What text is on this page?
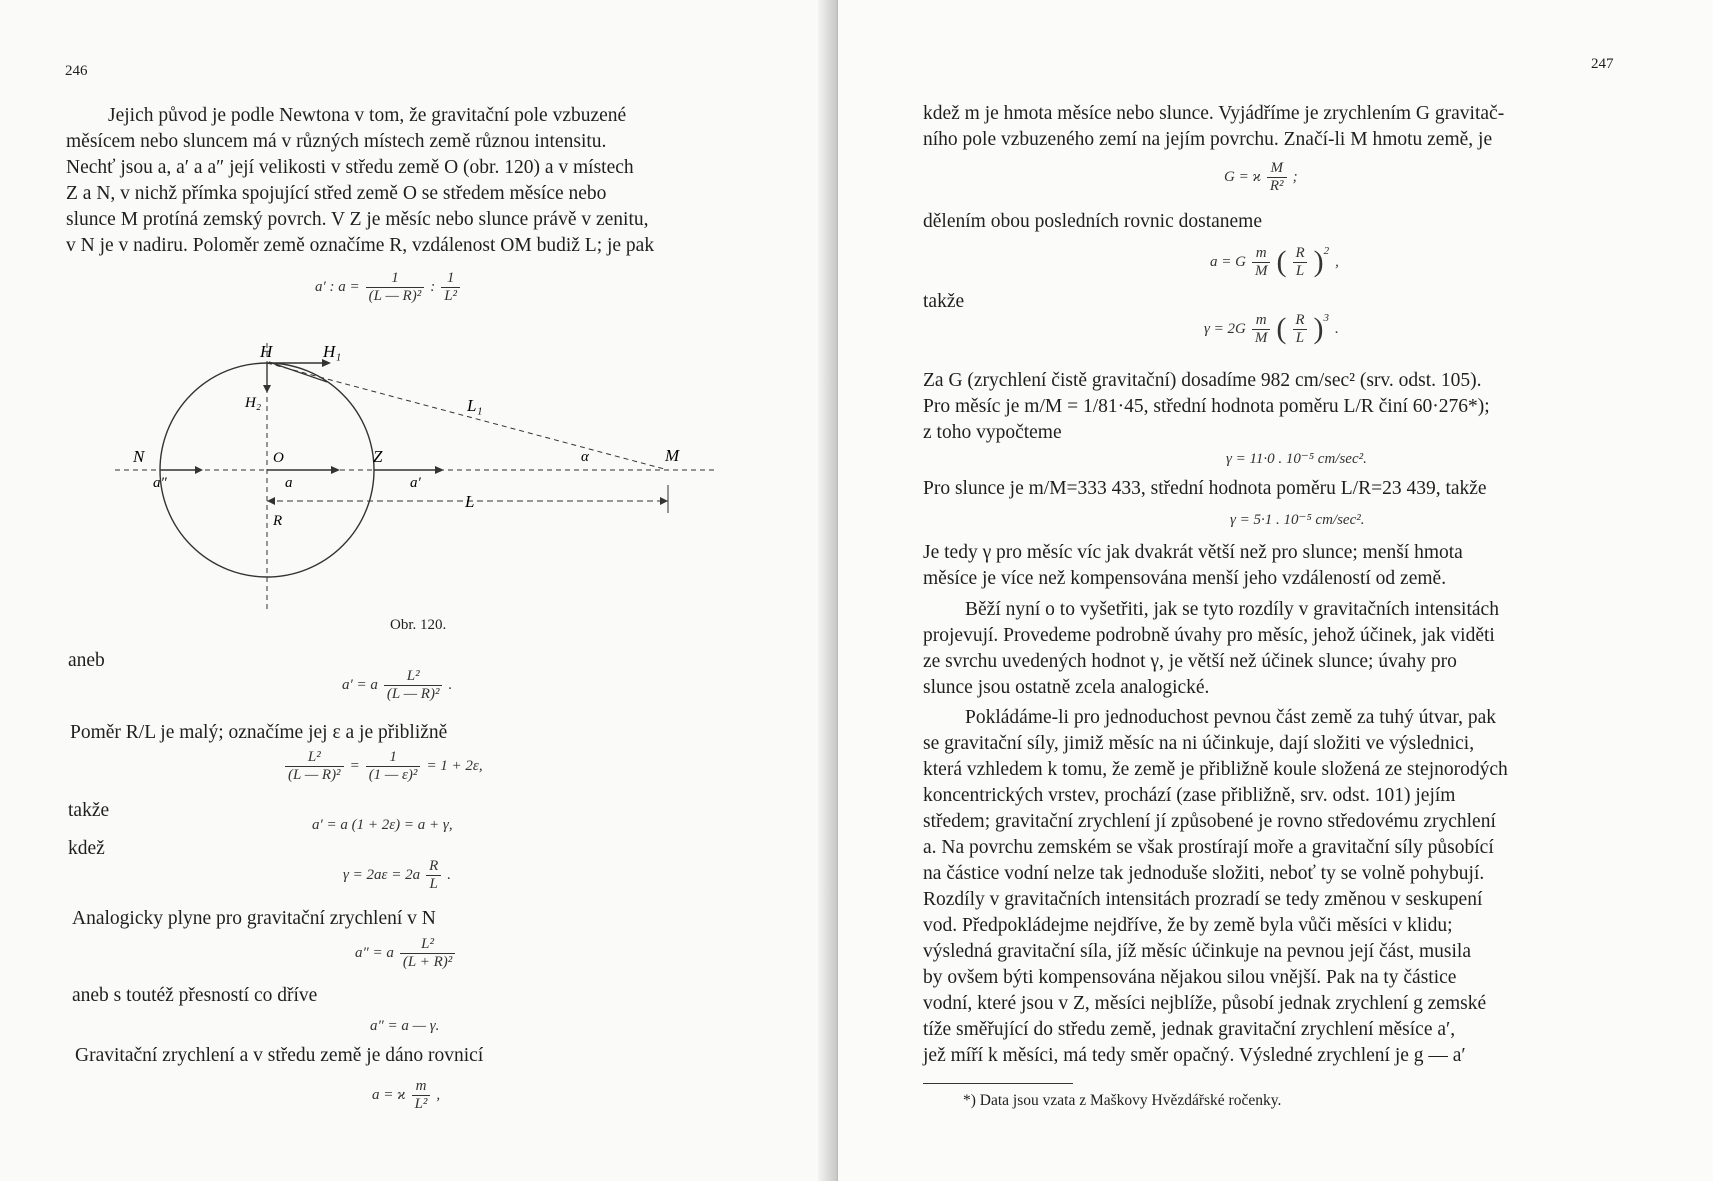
246
Jejich původ je podle Newtona v tom, že gravitační pole vzbuzené
měsícem nebo sluncem má v různých místech země různou intensitu.
Nechť jsou a, a′ a a″ její velikosti v středu země O (obr. 120) a v místech
Z a N, v nichž přímka spojující střed země O se středem měsíce nebo
slunce M protíná zemský povrch. V Z je měsíc nebo slunce právě v zenitu,
v N je v nadiru. Poloměr země označíme R, vzdálenost OM budiž L; je pak
a′ : $a = \frac{1}{\text{(L — R)²}}$ : $\frac{1}{\text{L²}}$
H	H₁
H₂	L₁
N	O	Z	M
a″	a	a′
α
L
R
Obr. 120.
aneb
a′ = a $\frac{\text{L²}}{\text{(L — R)²}}$ .
Poměr R/L je malý; označíme jej ε a je přibližně
$\frac{\text{L²}}{\text{(L — R)²}} = \frac{1}{\text{(1 — ε)²}} = 1 + 2\varepsilon$,
takže
a′ = a (1 + 2ε) = a + γ,
kdež
$\gamma = 2a\varepsilon = 2a \frac{R}{L}$ .
Analogicky plyne pro gravitační zrychlení v N
a″ = a $\frac{\text{L²}}{\text{(L + R)²}}$
aneb s toutéž přesností co dříve
a″ = a — γ.
Gravitační zrychlení a v středu země je dáno rovnicí
a = ϰ $\frac{m}{\text{L²}}$ ,
247
kdež m je hmota měsíce nebo slunce. Vyjádříme je zrychlením G gravitač-
ního pole vzbuzeného zemí na jejím povrchu. Značí-li M hmotu země, je
G = ϰ $\frac{M}{\text{R²}}$ ;
dělením obou posledních rovnic dostaneme
a = G $\frac{m}{M}$ ( $\frac{R}{L} )^2$
,
takže
$\gamma = 2G \frac{m}{M}$ ( $\frac{R}{L} )^3$
.
Za G (zrychlení čistě gravitační) dosadíme 982 cm/sec² (srv. odst. 105).
Pro měsíc je m/M = 1/81·45, střední hodnota poměru L/R činí 60·276*);
z toho vypočteme
γ = 11·0 . 10⁻⁵ cm/sec².
Pro slunce je m/M=333 433, střední hodnota poměru L/R=23 439, takže
γ = 5·1 . 10⁻⁵ cm/sec².
Je tedy γ pro měsíc víc jak dvakrát větší než pro slunce; menší hmota
měsíce je více než kompensována menší jeho vzdáleností od země.
Běží nyní o to vyšetřiti, jak se tyto rozdíly v gravitačních intensitách
projevují. Provedeme podrobně úvahy pro měsíc, jehož účinek, jak viděti
ze svrchu uvedených hodnot γ, je větší než účinek slunce; úvahy pro
slunce jsou ostatně zcela analogické.
Pokládáme-li pro jednoduchost pevnou část země za tuhý útvar, pak
se gravitační síly, jimiž měsíc na ni účinkuje, dají složiti ve výslednici,
která vzhledem k tomu, že země je přibližně koule složená ze stejnorodých
koncentrických vrstev, prochází (zase přibližně, srv. odst. 101) jejím
středem; gravitační zrychlení jí způsobené je rovno středovému zrychlení
a. Na povrchu zemském se však prostírají moře a gravitační síly působící
na částice vodní nelze tak jednoduše složiti, neboť ty se volně pohybují.
Rozdíly v gravitačních intensitách prozradí se tedy změnou v seskupení
vod. Předpokládejme nejdříve, že by země byla vůči měsíci v klidu;
výsledná gravitační síla, jíž měsíc účinkuje na pevnou její část, musila
by ovšem býti kompensována nějakou silou vnější. Pak na ty částice
vodní, které jsou v Z, měsíci nejblíže, působí jednak zrychlení g zemské
tíže směřující do středu země, jednak gravitační zrychlení měsíce a′,
jež míří k měsíci, má tedy směr opačný. Výsledné zrychlení je g — a′
*) Data jsou vzata z Maškovy Hvězdářské ročenky.
